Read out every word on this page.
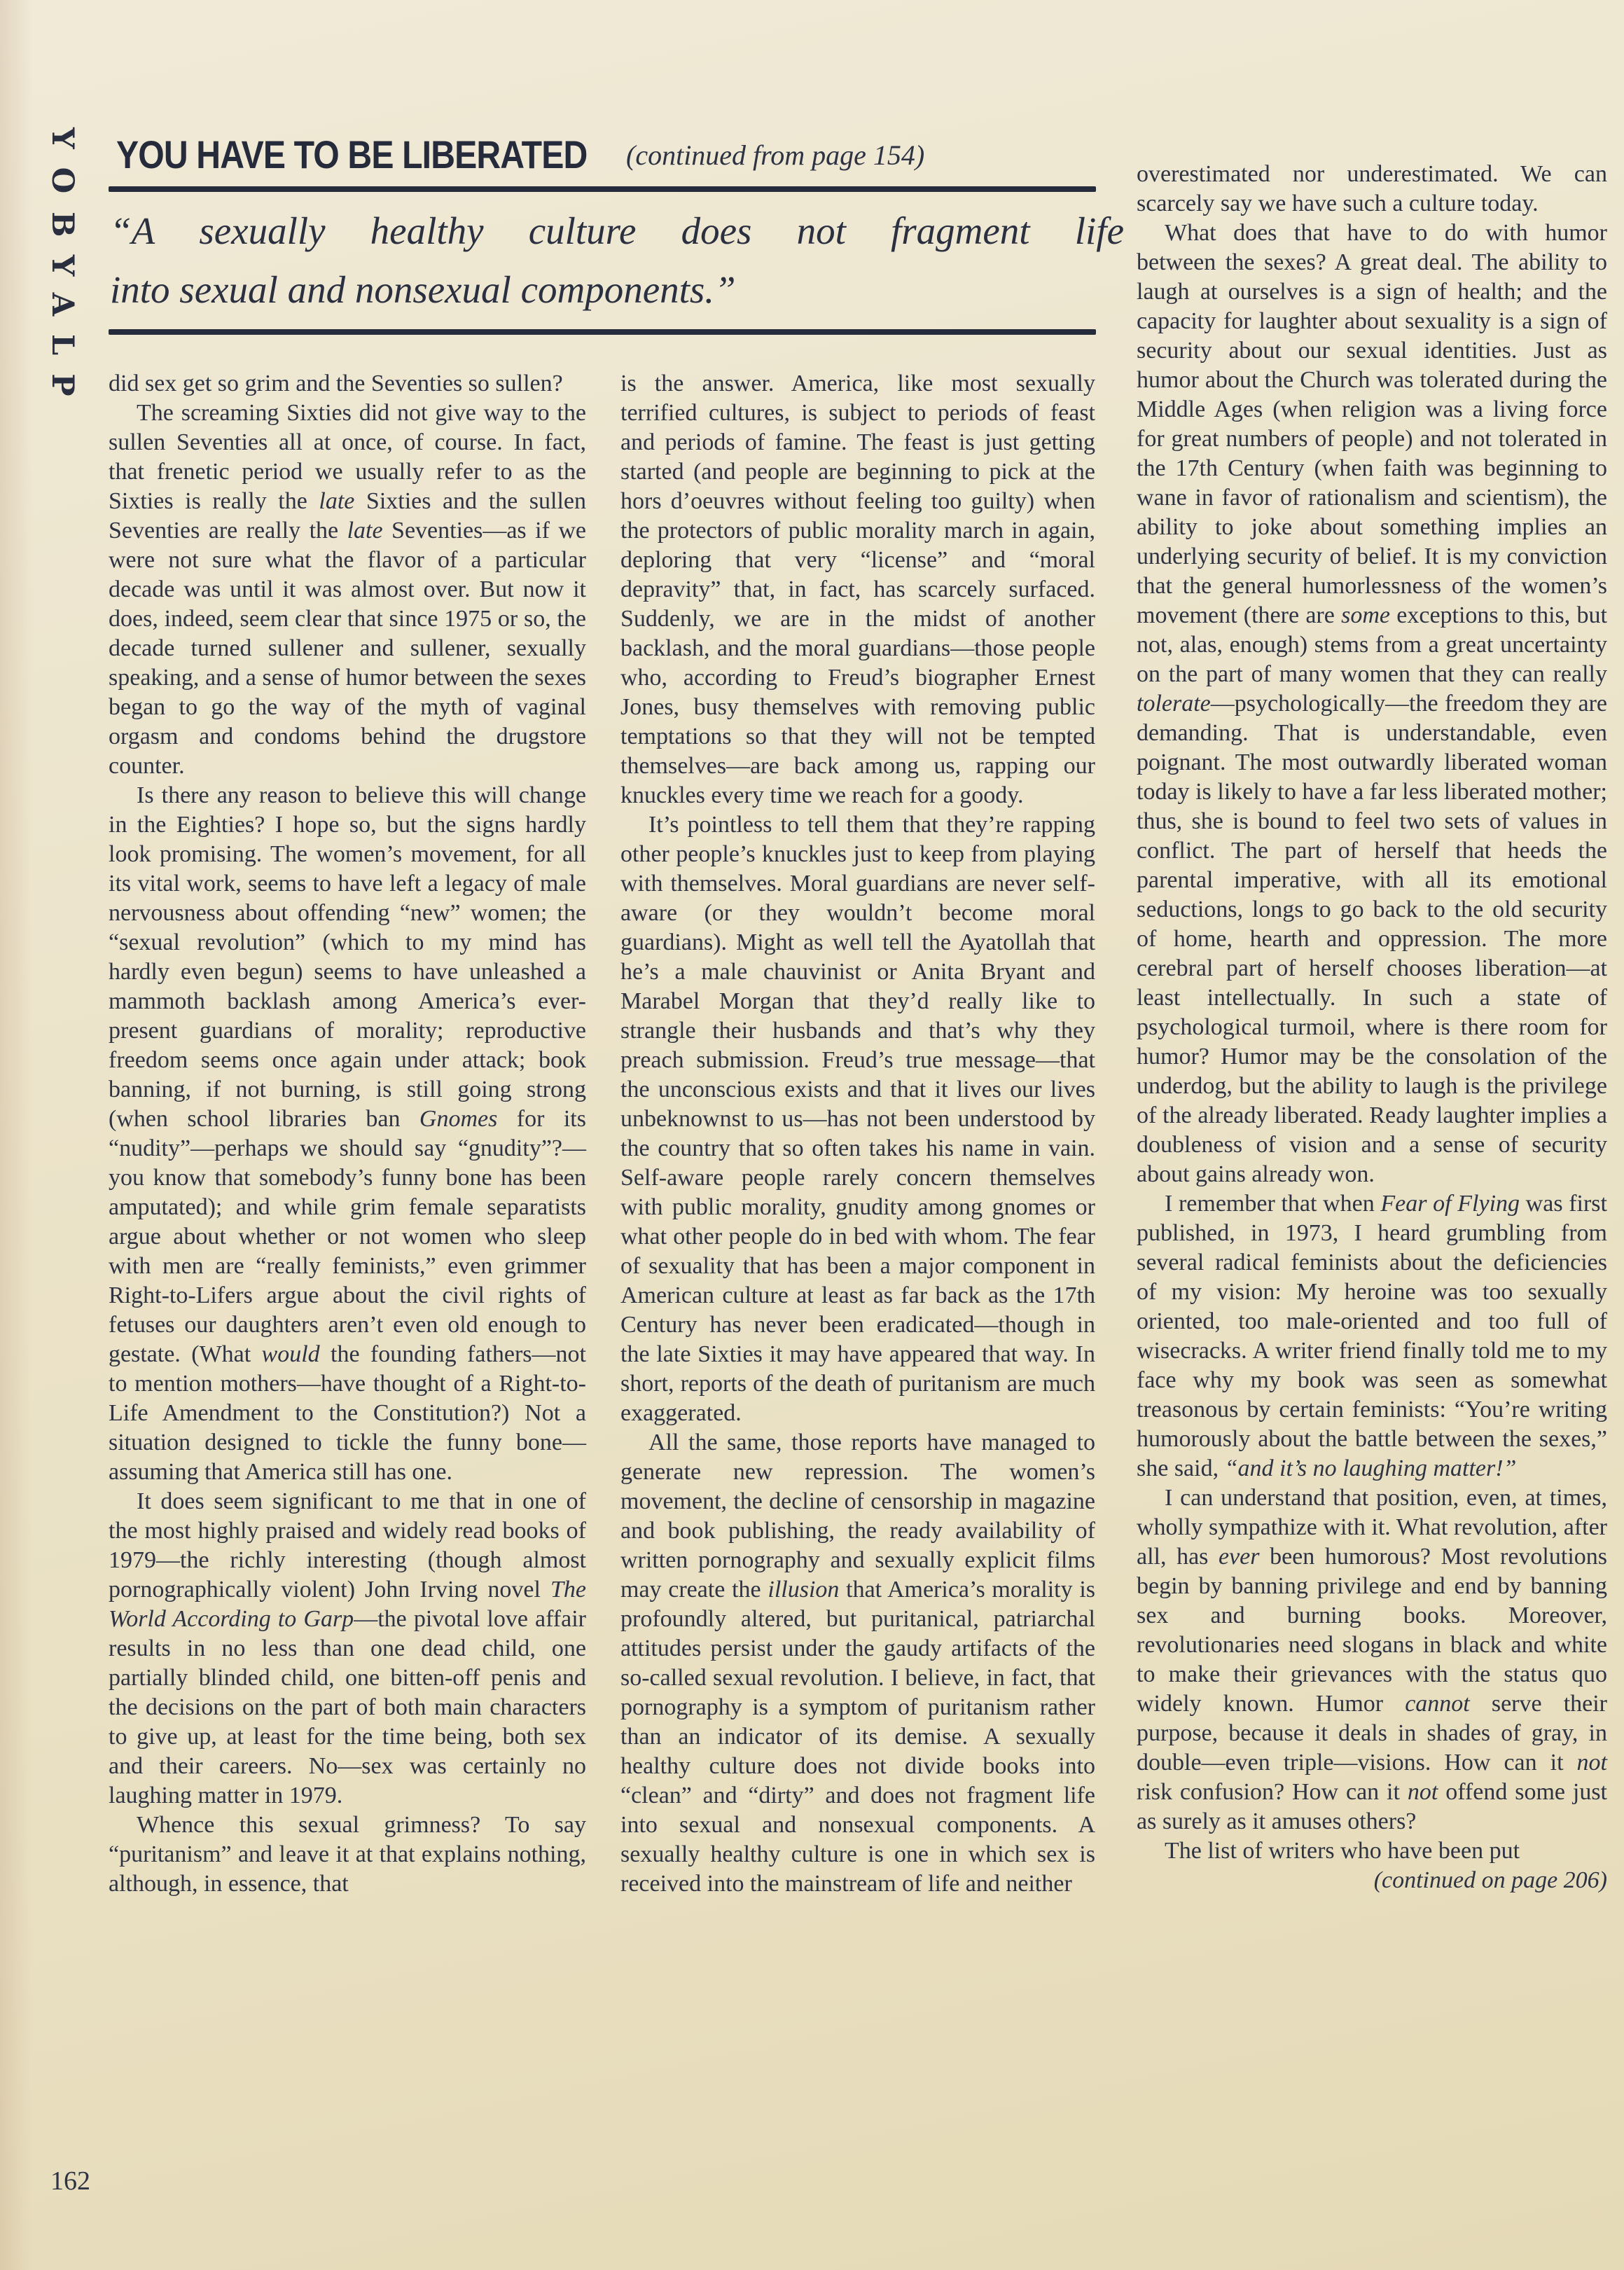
YOBYALP YOU HAVE TO BE LIBERATED (continued from page 154)
“A sexually healthy culture does not fragment life
into sexual and nonsexual components.”

did sex get so grim and the Seventies so sullen?

The screaming Sixties did not give way to the sullen Seventies all at once, of course. In fact, that frenetic period we usually refer to as the Sixties is really the late Sixties and the sullen Seventies are really the late Seventies—as if we were not sure what the flavor of a particular decade was until it was almost over. But now it does, indeed, seem clear that since 1975 or so, the decade turned sullener and sullener, sexually speaking, and a sense of humor between the sexes began to go the way of the myth of vaginal orgasm and condoms behind the drugstore counter.

Is there any reason to believe this will change in the Eighties? I hope so, but the signs hardly look promising. The women’s movement, for all its vital work, seems to have left a legacy of male nervousness about offending “new” women; the “sexual revolution” (which to my mind has hardly even begun) seems to have unleashed a mammoth backlash among America’s ever-present guardians of morality; reproductive freedom seems once again under attack; book banning, if not burning, is still going strong (when school libraries ban Gnomes for its “nudity”—perhaps we should say “gnudity”?—you know that somebody’s funny bone has been amputated); and while grim female separatists argue about whether or not women who sleep with men are “really feminists,” even grimmer Right-to-Lifers argue about the civil rights of fetuses our daughters aren’t even old enough to gestate. (What would the founding fathers—not to mention mothers—have thought of a Right-to-Life Amendment to the Constitution?) Not a situation designed to tickle the funny bone—assuming that America still has one.

It does seem significant to me that in one of the most highly praised and widely read books of 1979—the richly interesting (though almost pornographically violent) John Irving novel The World According to Garp—the pivotal love affair results in no less than one dead child, one partially blinded child, one bitten-off penis and the decisions on the part of both main characters to give up, at least for the time being, both sex and their careers. No—sex was certainly no laughing matter in 1979.

Whence this sexual grimness? To say “puritanism” and leave it at that explains nothing, although, in essence, that

is the answer. America, like most sexually terrified cultures, is subject to periods of feast and periods of famine. The feast is just getting started (and people are beginning to pick at the hors d’oeuvres without feeling too guilty) when the protectors of public morality march in again, deploring that very “license” and “moral depravity” that, in fact, has scarcely surfaced. Suddenly, we are in the midst of another backlash, and the moral guardians—those people who, according to Freud’s biographer Ernest Jones, busy themselves with removing public temptations so that they will not be tempted themselves—are back among us, rapping our knuckles every time we reach for a goody.

It’s pointless to tell them that they’re rapping other people’s knuckles just to keep from playing with themselves. Moral guardians are never self-aware (or they wouldn’t become moral guardians). Might as well tell the Ayatollah that he’s a male chauvinist or Anita Bryant and Marabel Morgan that they’d really like to strangle their husbands and that’s why they preach submission. Freud’s true message—that the unconscious exists and that it lives our lives unbeknownst to us—has not been understood by the country that so often takes his name in vain. Self-aware people rarely concern themselves with public morality, gnudity among gnomes or what other people do in bed with whom. The fear of sexuality that has been a major component in American culture at least as far back as the 17th Century has never been eradicated—though in the late Sixties it may have appeared that way. In short, reports of the death of puritanism are much exaggerated.

All the same, those reports have managed to generate new repression. The women’s movement, the decline of censorship in magazine and book publishing, the ready availability of written pornography and sexually explicit films may create the illusion that America’s morality is profoundly altered, but puritanical, patriarchal attitudes persist under the gaudy artifacts of the so-called sexual revolution. I believe, in fact, that pornography is a symptom of puritanism rather than an indicator of its demise. A sexually healthy culture does not divide books into “clean” and “dirty” and does not fragment life into sexual and nonsexual components. A sexually healthy culture is one in which sex is received into the mainstream of life and neither

overestimated nor underestimated. We can scarcely say we have such a culture today.

What does that have to do with humor between the sexes? A great deal. The ability to laugh at ourselves is a sign of health; and the capacity for laughter about sexuality is a sign of security about our sexual identities. Just as humor about the Church was tolerated during the Middle Ages (when religion was a living force for great numbers of people) and not tolerated in the 17th Century (when faith was beginning to wane in favor of rationalism and scientism), the ability to joke about something implies an underlying security of belief. It is my conviction that the general humorlessness of the women’s movement (there are some exceptions to this, but not, alas, enough) stems from a great uncertainty on the part of many women that they can really tolerate—psychologically—the freedom they are demanding. That is understandable, even poignant. The most outwardly liberated woman today is likely to have a far less liberated mother; thus, she is bound to feel two sets of values in conflict. The part of herself that heeds the parental imperative, with all its emotional seductions, longs to go back to the old security of home, hearth and oppression. The more cerebral part of herself chooses liberation—at least intellectually. In such a state of psychological turmoil, where is there room for humor? Humor may be the consolation of the underdog, but the ability to laugh is the privilege of the already liberated. Ready laughter implies a doubleness of vision and a sense of security about gains already won.

I remember that when Fear of Flying was first published, in 1973, I heard grumbling from several radical feminists about the deficiencies of my vision: My heroine was too sexually oriented, too male-oriented and too full of wisecracks. A writer friend finally told me to my face why my book was seen as somewhat treasonous by certain feminists: “You’re writing humorously about the battle between the sexes,” she said, “and it’s no laughing matter!”

I can understand that position, even, at times, wholly sympathize with it. What revolution, after all, has ever been humorous? Most revolutions begin by banning privilege and end by banning sex and burning books. Moreover, revolutionaries need slogans in black and white to make their grievances with the status quo widely known. Humor cannot serve their purpose, because it deals in shades of gray, in double—even triple—visions. How can it not risk confusion? How can it not offend some just as surely as it amuses others?

The list of writers who have been put

(continued on page 206)
162
